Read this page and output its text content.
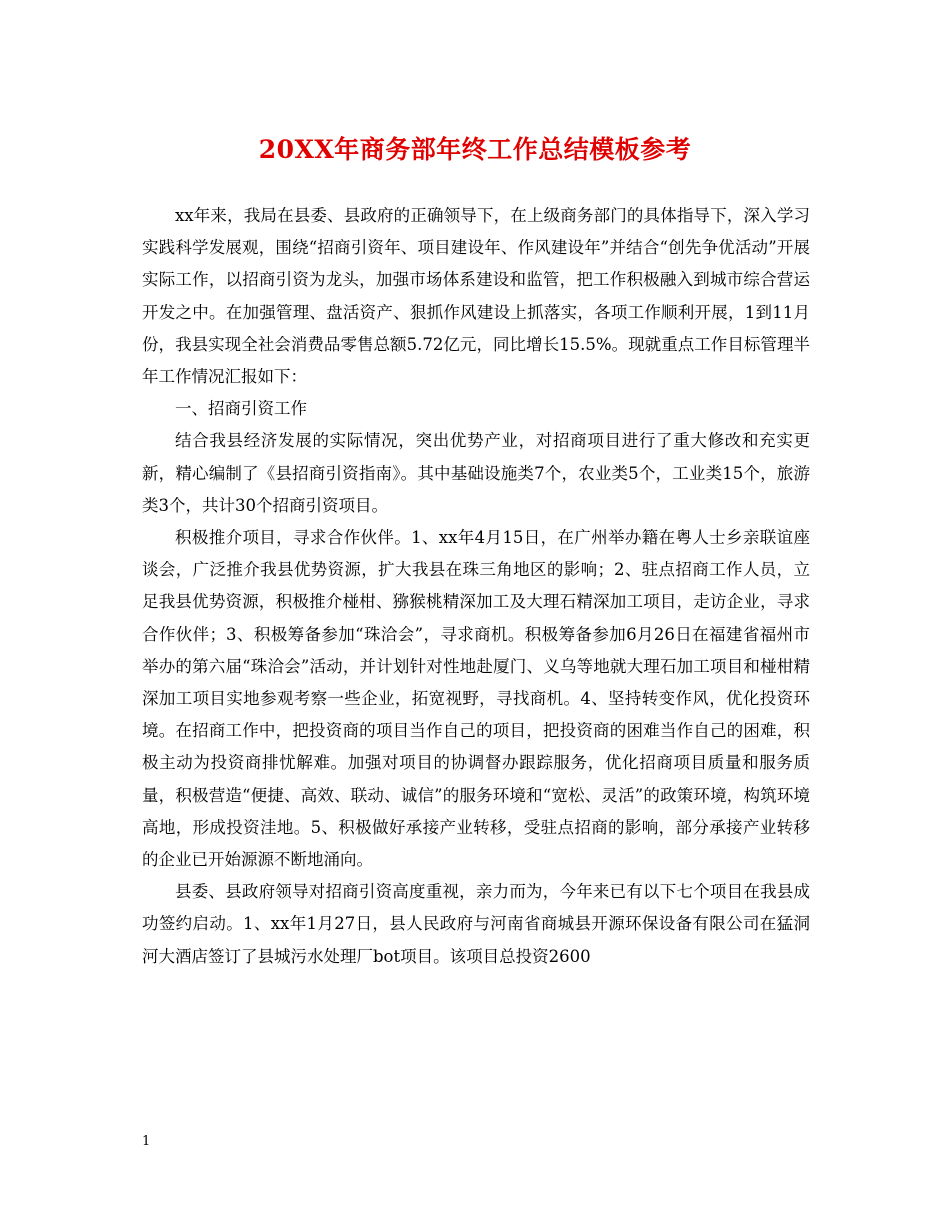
20XX年商务部年终工作总结模板参考

xx年来，我局在县委、县政府的正确领导下，在上级商务部门的具体指导下，深入学习实践科学发展观，围绕“招商引资年、项目建设年、作风建设年”并结合“创先争优活动”开展实际工作，以招商引资为龙头，加强市场体系建设和监管，把工作积极融入到城市综合营运开发之中。在加强管理、盘活资产、狠抓作风建设上抓落实，各项工作顺利开展，1到11月份，我县实现全社会消费品零售总额5.72亿元，同比增长15.5%。现就重点工作目标管理半年工作情况汇报如下：

一、招商引资工作

结合我县经济发展的实际情况，突出优势产业，对招商项目进行了重大修改和充实更新，精心编制了《县招商引资指南》。其中基础设施类7个，农业类5个，工业类15个，旅游类3个，共计30个招商引资项目。

积极推介项目，寻求合作伙伴。1、xx年4月15日，在广州举办籍在粤人士乡亲联谊座谈会，广泛推介我县优势资源，扩大我县在珠三角地区的影响；2、驻点招商工作人员，立足我县优势资源，积极推介椪柑、猕猴桃精深加工及大理石精深加工项目，走访企业，寻求合作伙伴；3、积极筹备参加“珠洽会”，寻求商机。积极筹备参加6月26日在福建省福州市举办的第六届“珠洽会”活动，并计划针对性地赴厦门、义乌等地就大理石加工项目和椪柑精深加工项目实地参观考察一些企业，拓宽视野，寻找商机。4、坚持转变作风，优化投资环境。在招商工作中，把投资商的项目当作自己的项目，把投资商的困难当作自己的困难，积极主动为投资商排忧解难。加强对项目的协调督办跟踪服务，优化招商项目质量和服务质量，积极营造“便捷、高效、联动、诚信”的服务环境和“宽松、灵活”的政策环境，构筑环境高地，形成投资洼地。5、积极做好承接产业转移，受驻点招商的影响，部分承接产业转移的企业已开始源源不断地涌向。

县委、县政府领导对招商引资高度重视，亲力而为，今年来已有以下七个项目在我县成功签约启动。1、xx年1月27日，县人民政府与河南省商城县开源环保设备有限公司在猛洞河大酒店签订了县城污水处理厂bot项目。该项目总投资2600

1
